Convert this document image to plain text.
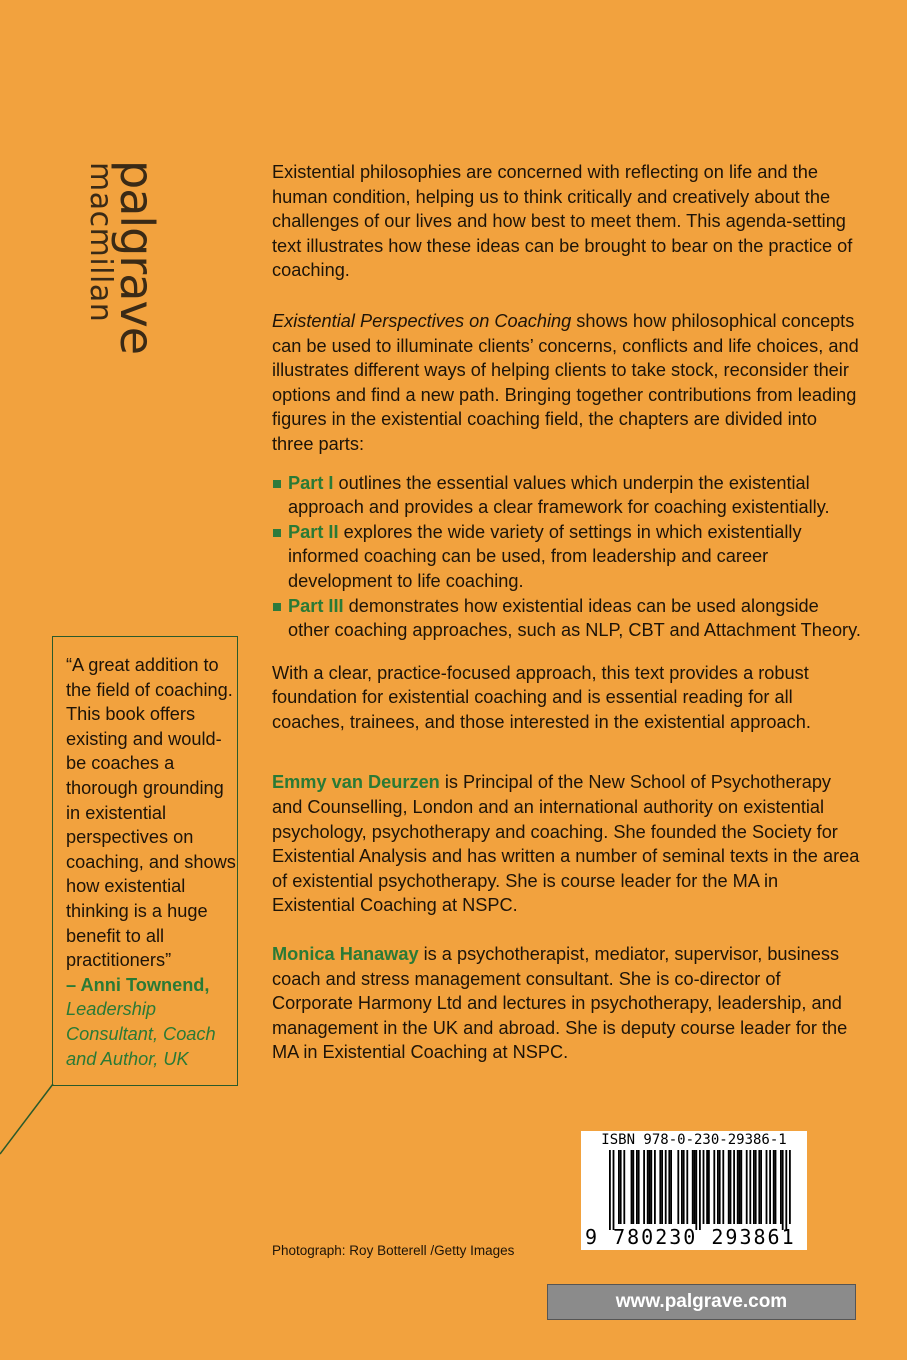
palgrave
macmillan	Existential philosophies are concerned with reflecting on life and the human condition, helping us to think critically and creatively about the challenges of our lives and how best to meet them. This agenda-setting text illustrates how these ideas can be brought to bear on the practice of coaching.

Existential Perspectives on Coaching shows how philosophical concepts can be used to illuminate clients’ concerns, conflicts and life choices, and illustrates different ways of helping clients to take stock, reconsider their options and find a new path. Bringing together contributions from leading figures in the existential coaching field, the chapters are divided into three parts:

Part I outlines the essential values which underpin the existential approach and provides a clear framework for coaching existentially.
Part II explores the wide variety of settings in which existentially informed coaching can be used, from leadership and career development to life coaching.
Part III demonstrates how existential ideas can be used alongside other coaching approaches, such as NLP, CBT and Attachment Theory.

With a clear, practice-focused approach, this text provides a robust foundation for existential coaching and is essential reading for all coaches, trainees, and those interested in the existential approach.

Emmy van Deurzen is Principal of the New School of Psychotherapy and Counselling, London and an international authority on existential psychology, psychotherapy and coaching. She founded the Society for Existential Analysis and has written a number of seminal texts in the area of existential psychotherapy. She is course leader for the MA in Existential Coaching at NSPC.

Monica Hanaway is a psychotherapist, mediator, supervisor, business coach and stress management consultant. She is co-director of Corporate Harmony Ltd and lectures in psychotherapy, leadership, and management in the UK and abroad. She is deputy course leader for the MA in Existential Coaching at NSPC.

“A great addition to the field of coaching. This book offers existing and would-be coaches a thorough grounding in existential perspectives on coaching, and shows how existential thinking is a huge benefit to all practitioners”
– Anni Townend,
Leadership Consultant, Coach and Author, UK
Photograph: Roy Botterell /Getty Images
ISBN 978-0-230-29386-1
9 780230 293861
www.palgrave.com
